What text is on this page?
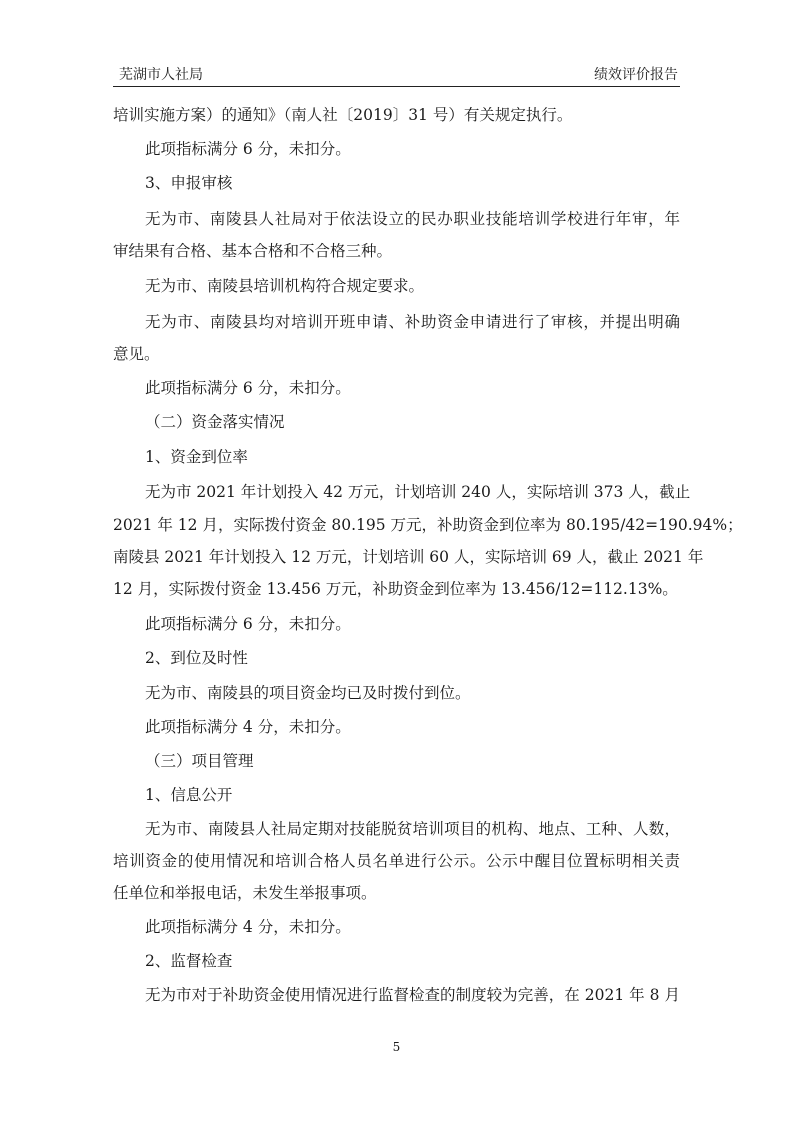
芜湖市人社局	绩效评价报告
培训实施方案）的通知》（南人社〔2019〕31 号）有关规定执行。
此项指标满分 6 分，未扣分。
3、申报审核
无为市、南陵县人社局对于依法设立的民办职业技能培训学校进行年审，年
审结果有合格、基本合格和不合格三种。
无为市、南陵县培训机构符合规定要求。
无为市、南陵县均对培训开班申请、补助资金申请进行了审核，并提出明确
意见。
此项指标满分 6 分，未扣分。
（二）资金落实情况
1、资金到位率
无为市 2021 年计划投入 42 万元，计划培训 240 人，实际培训 373 人，截止
2021 年 12 月，实际拨付资金 80.195 万元，补助资金到位率为 80.195/42=190.94%；
南陵县 2021 年计划投入 12 万元，计划培训 60 人，实际培训 69 人，截止 2021 年
12 月，实际拨付资金 13.456 万元，补助资金到位率为 13.456/12=112.13%。
此项指标满分 6 分，未扣分。
2、到位及时性
无为市、南陵县的项目资金均已及时拨付到位。
此项指标满分 4 分，未扣分。
（三）项目管理
1、信息公开
无为市、南陵县人社局定期对技能脱贫培训项目的机构、地点、工种、人数，
培训资金的使用情况和培训合格人员名单进行公示。公示中醒目位置标明相关责
任单位和举报电话，未发生举报事项。
此项指标满分 4 分，未扣分。
2、监督检查
无为市对于补助资金使用情况进行监督检查的制度较为完善，在 2021 年 8 月
5
